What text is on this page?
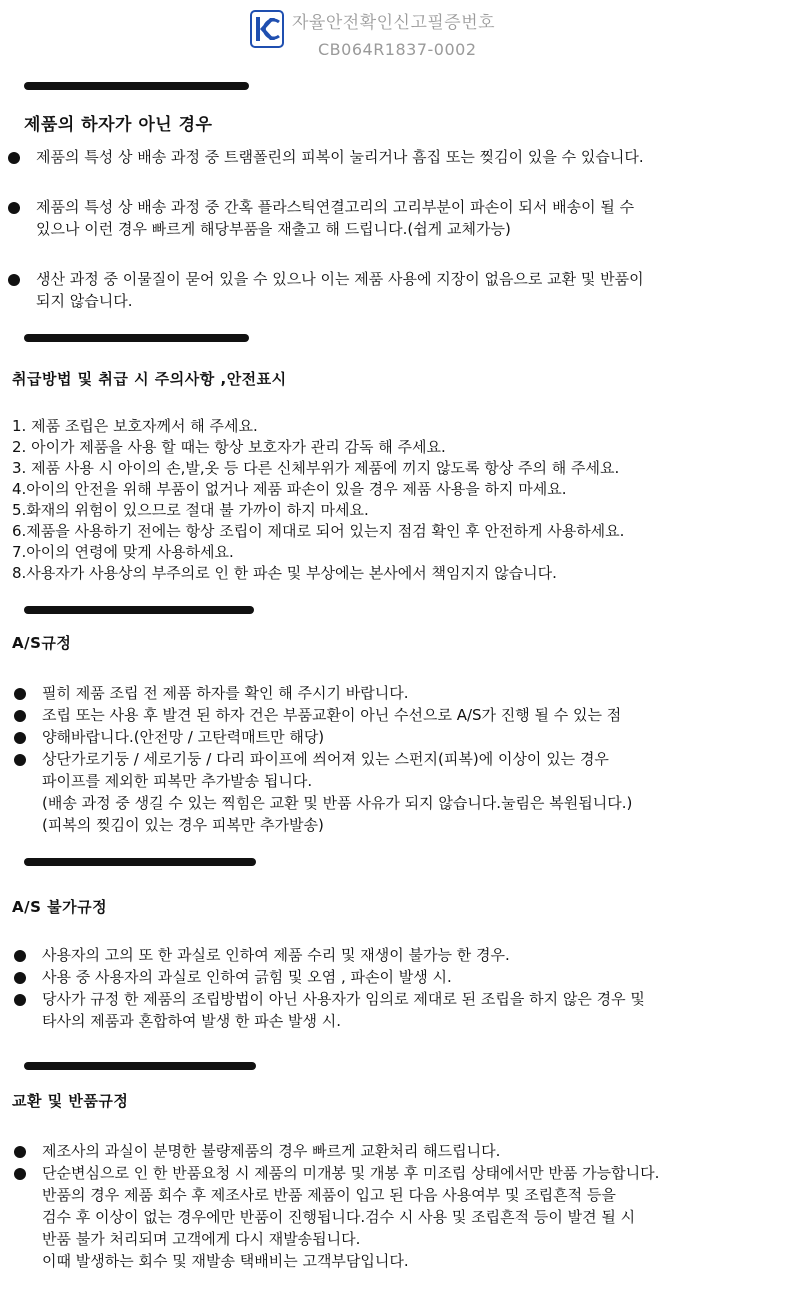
자율안전확인신고필증번호
CB064R1837-0002
제품의 하자가 아닌 경우
제품의 특성 상 배송 과정 중 트램폴린의 피복이 눌리거나 흠집 또는 찢김이 있을 수 있습니다.
제품의 특성 상 배송 과정 중 간혹 플라스틱연결고리의 고리부분이 파손이 되서 배송이 될 수
있으나 이런 경우 빠르게 해당부품을 재출고 해 드립니다.(쉽게 교체가능)
생산 과정 중 이물질이 묻어 있을 수 있으나 이는 제품 사용에 지장이 없음으로 교환 및 반품이
되지 않습니다.
취급방법 및 취급 시 주의사항 ,안전표시
1. 제품 조립은 보호자께서 해 주세요.
2. 아이가 제품을 사용 할 때는 항상 보호자가 관리 감독 해 주세요.
3. 제품 사용 시 아이의 손,발,옷 등 다른 신체부위가 제품에 끼지 않도록 항상 주의 해 주세요.
4.아이의 안전을 위해 부품이 없거나 제품 파손이 있을 경우 제품 사용을 하지 마세요.
5.화재의 위험이 있으므로 절대 불 가까이 하지 마세요.
6.제품을 사용하기 전에는 항상 조립이 제대로 되어 있는지 점검 확인 후 안전하게 사용하세요.
7.아이의 연령에 맞게 사용하세요.
8.사용자가 사용상의 부주의로 인 한 파손 및 부상에는 본사에서 책임지지 않습니다.
A/S규정
필히 제품 조립 전 제품 하자를 확인 해 주시기 바랍니다.
조립 또는 사용 후 발견 된 하자 건은 부품교환이 아닌 수선으로 A/S가 진행 될 수 있는 점
양해바랍니다.(안전망 / 고탄력매트만 해당)
상단가로기둥 / 세로기둥 / 다리 파이프에 씌어져 있는 스펀지(피복)에 이상이 있는 경우
파이프를 제외한 피복만 추가발송 됩니다.
(배송 과정 중 생길 수 있는 찍힘은 교환 및 반품 사유가 되지 않습니다.눌림은 복원됩니다.)
(피복의 찢김이 있는 경우 피복만 추가발송)
A/S 불가규정
사용자의 고의 또 한 과실로 인하여 제품 수리 및 재생이 불가능 한 경우.
사용 중 사용자의 과실로 인하여 긁힘 및 오염 , 파손이 발생 시.
당사가 규정 한 제품의 조립방법이 아닌 사용자가 임의로 제대로 된 조립을 하지 않은 경우 및
타사의 제품과 혼합하여 발생 한 파손 발생 시.
교환 및 반품규정
제조사의 과실이 분명한 불량제품의 경우 빠르게 교환처리 해드립니다.
단순변심으로 인 한 반품요청 시 제품의 미개봉 및 개봉 후 미조립 상태에서만 반품 가능합니다.
반품의 경우 제품 회수 후 제조사로 반품 제품이 입고 된 다음 사용여부 및 조립흔적 등을
검수 후 이상이 없는 경우에만 반품이 진행됩니다.검수 시 사용 및 조립흔적 등이 발견 될 시
반품 불가 처리되며 고객에게 다시 재발송됩니다.
이때 발생하는 회수 및 재발송 택배비는 고객부담입니다.
